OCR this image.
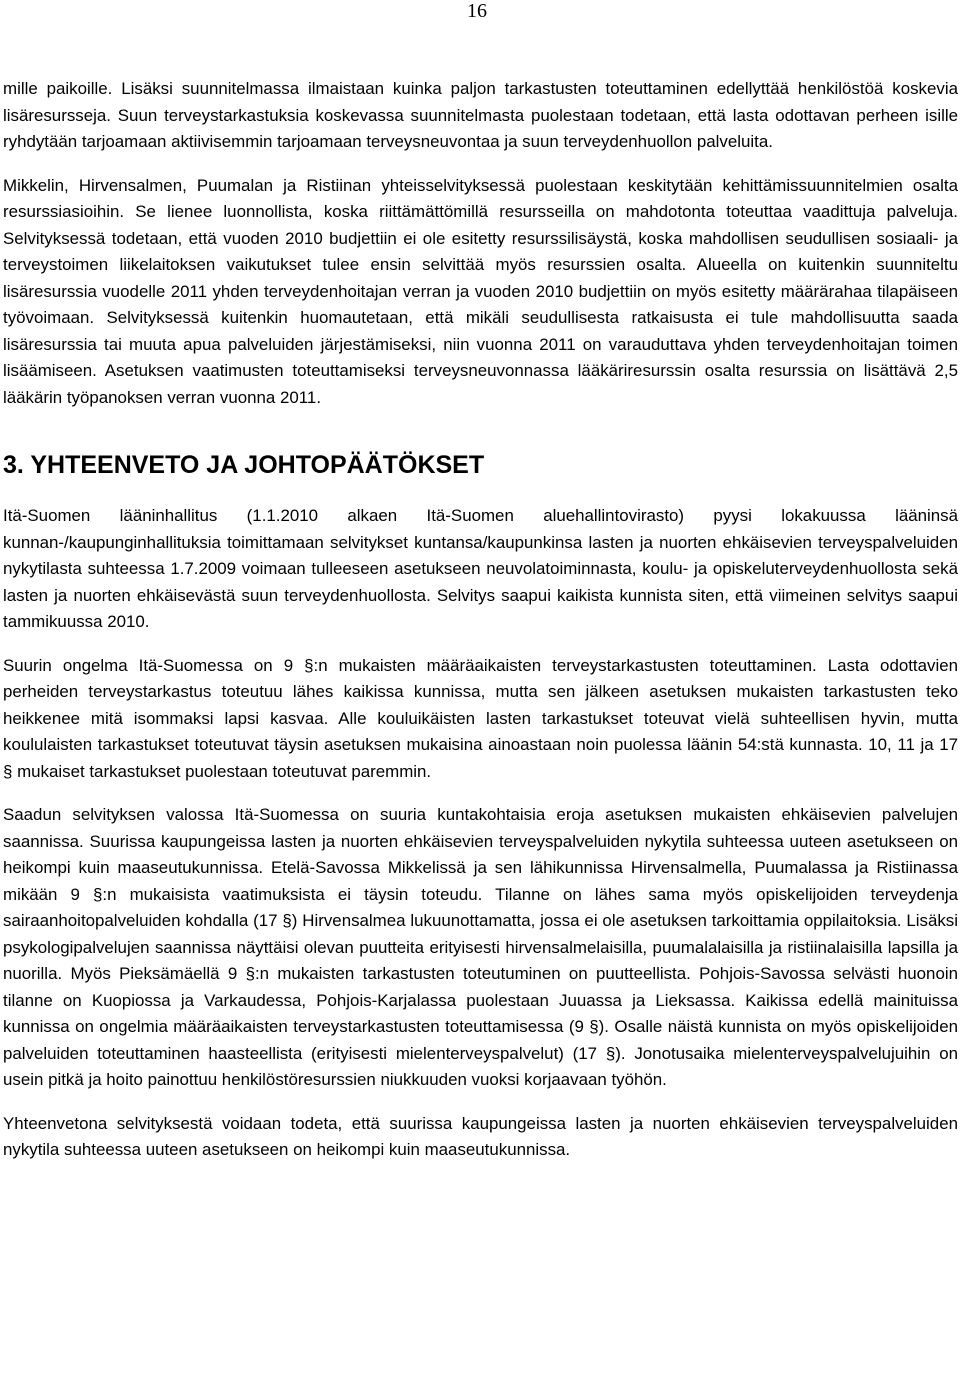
16

mille paikoille. Lisäksi suunnitelmassa ilmaistaan kuinka paljon tarkastusten toteuttaminen edellyttää henkilöstöä koskevia lisäresursseja. Suun terveystarkastuksia koskevassa suunnitelmasta puolestaan todetaan, että lasta odottavan perheen isille ryhdytään tarjoamaan aktiivisemmin tarjoamaan terveysneuvontaa ja suun terveydenhuollon palveluita.

Mikkelin, Hirvensalmen, Puumalan ja Ristiinan yhteisselvityksessä puolestaan keskitytään kehittämissuunnitelmien osalta resurssiasioihin. Se lienee luonnollista, koska riittämättömillä resursseilla on mahdotonta toteuttaa vaadittuja palveluja. Selvityksessä todetaan, että vuoden 2010 budjettiin ei ole esitetty resurssilisäystä, koska mahdollisen seudullisen sosiaali- ja terveystoimen liikelaitoksen vaikutukset tulee ensin selvittää myös resurssien osalta. Alueella on kuitenkin suunniteltu lisäresurssia vuodelle 2011 yhden terveydenhoitajan verran ja vuoden 2010 budjettiin on myös esitetty määrärahaa tilapäiseen työvoimaan. Selvityksessä kuitenkin huomautetaan, että mikäli seudullisesta ratkaisusta ei tule mahdollisuutta saada lisäresurssia tai muuta apua palveluiden järjestämiseksi, niin vuonna 2011 on varauduttava yhden terveydenhoitajan toimen lisäämiseen. Asetuksen vaatimusten toteuttamiseksi terveysneuvonnassa lääkäriresurssin osalta resurssia on lisättävä 2,5 lääkärin työpanoksen verran vuonna 2011.

3. YHTEENVETO JA JOHTOPÄÄTÖKSET

Itä-Suomen lääninhallitus (1.1.2010 alkaen Itä-Suomen aluehallintovirasto) pyysi lokakuussa lääninsä kunnan-/kaupunginhallituksia toimittamaan selvitykset kuntansa/kaupunkinsa lasten ja nuorten ehkäisevien terveyspalveluiden nykytilasta suhteessa 1.7.2009 voimaan tulleeseen asetukseen neuvolatoiminnasta, koulu- ja opiskeluterveydenhuollosta sekä lasten ja nuorten ehkäisevästä suun terveydenhuollosta. Selvitys saapui kaikista kunnista siten, että viimeinen selvitys saapui tammikuussa 2010.

Suurin ongelma Itä-Suomessa on 9 §:n mukaisten määräaikaisten terveystarkastusten toteuttaminen. Lasta odottavien perheiden terveystarkastus toteutuu lähes kaikissa kunnissa, mutta sen jälkeen asetuksen mukaisten tarkastusten teko heikkenee mitä isommaksi lapsi kasvaa. Alle kouluikäisten lasten tarkastukset toteuvat vielä suhteellisen hyvin, mutta koululaisten tarkastukset toteutuvat täysin asetuksen mukaisina ainoastaan noin puolessa läänin 54:stä kunnasta. 10, 11 ja 17 § mukaiset tarkastukset puolestaan toteutuvat paremmin.

Saadun selvityksen valossa Itä-Suomessa on suuria kuntakohtaisia eroja asetuksen mukaisten ehkäisevien palvelujen saannissa. Suurissa kaupungeissa lasten ja nuorten ehkäisevien terveyspalveluiden nykytila suhteessa uuteen asetukseen on heikompi kuin maaseutukunnissa. Etelä-Savossa Mikkelissä ja sen lähikunnissa Hirvensalmella, Puumalassa ja Ristiinassa mikään 9 §:n mukaisista vaatimuksista ei täysin toteudu. Tilanne on lähes sama myös opiskelijoiden terveydenja sairaanhoitopalveluiden kohdalla (17 §) Hirvensalmea lukuunottamatta, jossa ei ole asetuksen tarkoittamia oppilaitoksia. Lisäksi psykologipalvelujen saannissa näyttäisi olevan puutteita erityisesti hirvensalmelaisilla, puumalalaisilla ja ristiinalaisilla lapsilla ja nuorilla. Myös Pieksämäellä 9 §:n mukaisten tarkastusten toteutuminen on puutteellista. Pohjois-Savossa selvästi huonoin tilanne on Kuopiossa ja Varkaudessa, Pohjois-Karjalassa puolestaan Juuassa ja Lieksassa. Kaikissa edellä mainituissa kunnissa on ongelmia määräaikaisten terveystarkastusten toteuttamisessa (9 §). Osalle näistä kunnista on myös opiskelijoiden palveluiden toteuttaminen haasteellista (erityisesti mielenterveyspalvelut) (17 §). Jonotusaika mielenterveyspalvelujuihin on usein pitkä ja hoito painottuu henkilöstöresurssien niukkuuden vuoksi korjaavaan työhön.

Yhteenvetona selvityksestä voidaan todeta, että suurissa kaupungeissa lasten ja nuorten ehkäisevien terveyspalveluiden nykytila suhteessa uuteen asetukseen on heikompi kuin maaseutukunnissa.
